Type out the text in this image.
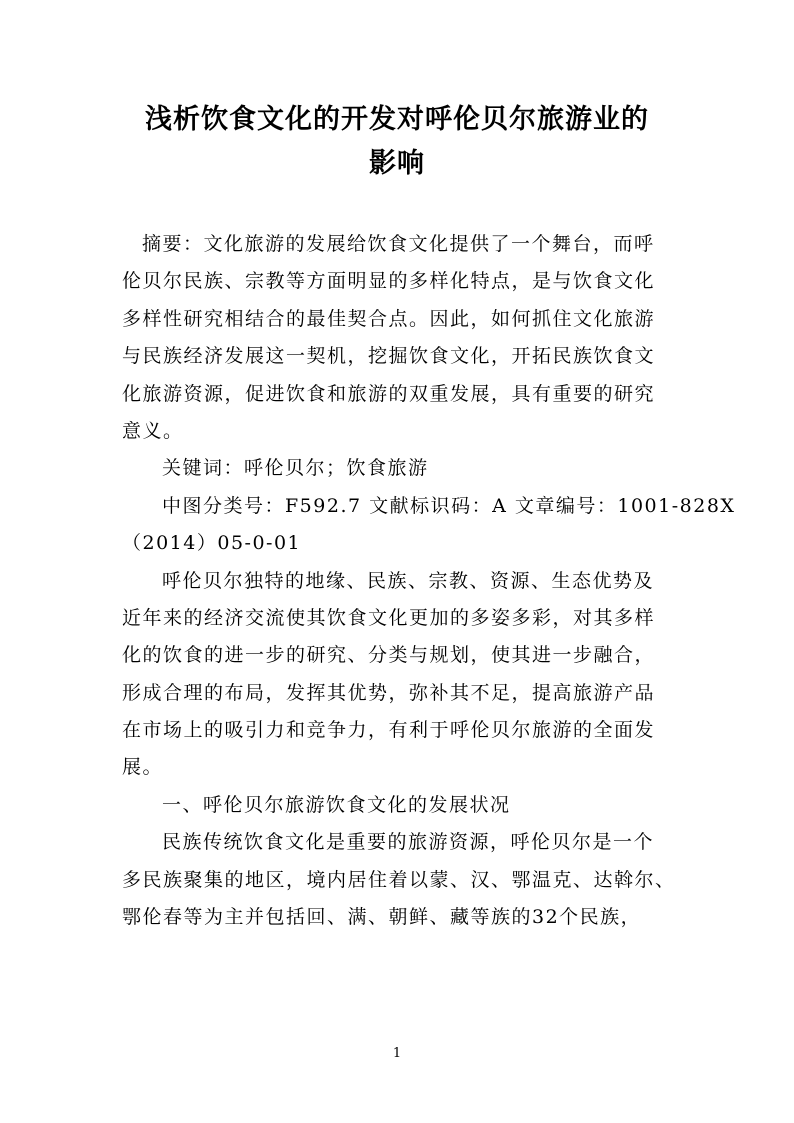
浅析饮食文化的开发对呼伦贝尔旅游业的
影响
摘要：文化旅游的发展给饮食文化提供了一个舞台，而呼
伦贝尔民族、宗教等方面明显的多样化特点，是与饮食文化
多样性研究相结合的最佳契合点。因此，如何抓住文化旅游
与民族经济发展这一契机，挖掘饮食文化，开拓民族饮食文
化旅游资源，促进饮食和旅游的双重发展，具有重要的研究
意义。
关键词：呼伦贝尔；饮食旅游
中图分类号：F592.7 文献标识码：A 文章编号：1001-828X
（2014）05-0-01
呼伦贝尔独特的地缘、民族、宗教、资源、生态优势及
近年来的经济交流使其饮食文化更加的多姿多彩，对其多样
化的饮食的进一步的研究、分类与规划，使其进一步融合，
形成合理的布局，发挥其优势，弥补其不足，提高旅游产品
在市场上的吸引力和竞争力，有利于呼伦贝尔旅游的全面发
展。
一、呼伦贝尔旅游饮食文化的发展状况
民族传统饮食文化是重要的旅游资源，呼伦贝尔是一个
多民族聚集的地区，境内居住着以蒙、汉、鄂温克、达斡尔、
鄂伦春等为主并包括回、满、朝鲜、藏等族的32个民族，
1
